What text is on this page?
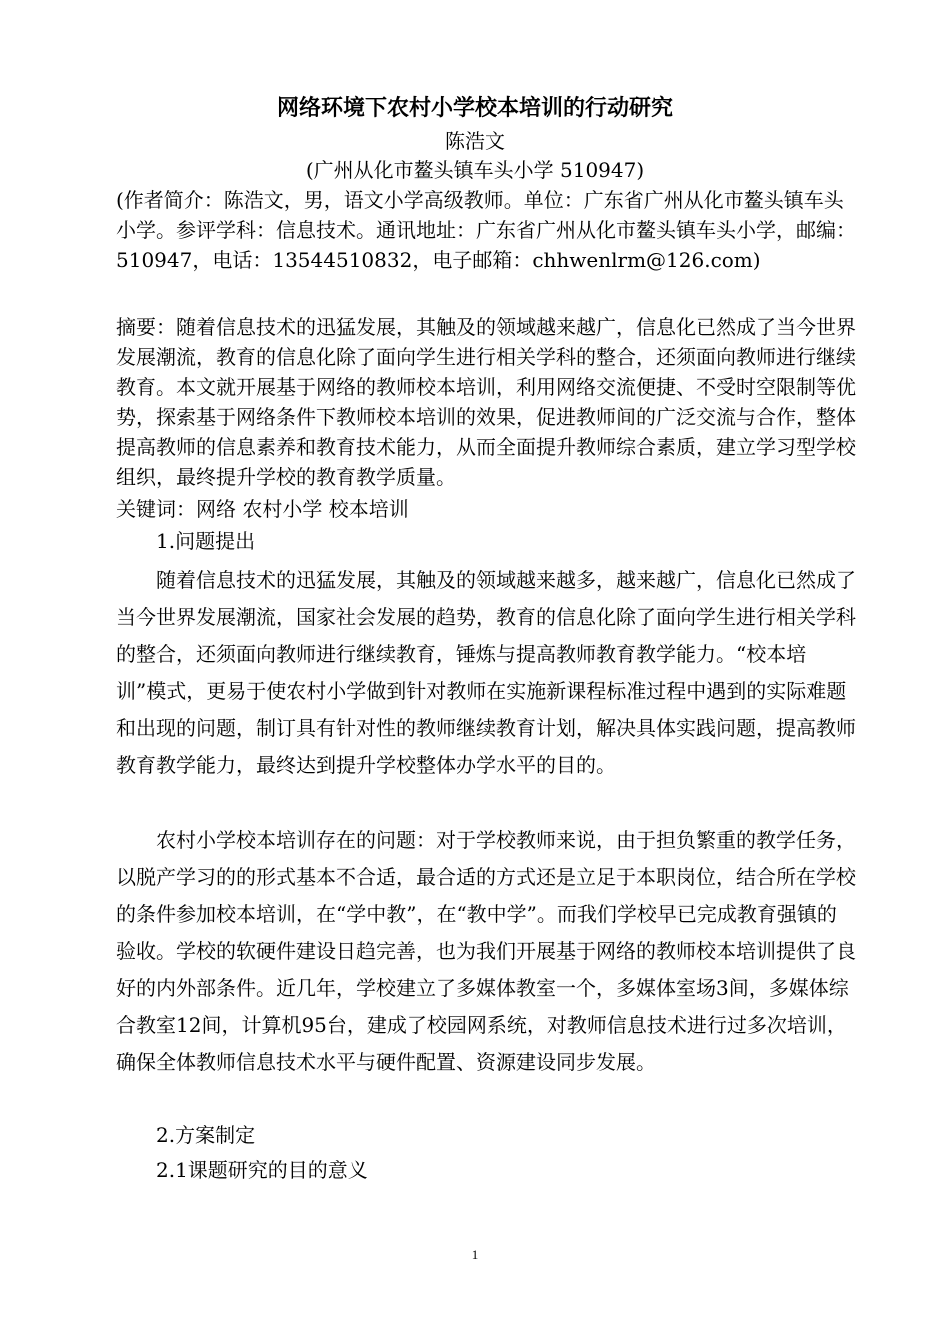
网络环境下农村小学校本培训的行动研究
陈浩文
(广州从化市鳌头镇车头小学 510947)

(作者简介：陈浩文，男，语文小学高级教师。单位：广东省广州从化市鳌头镇车头小学。参评学科：信息技术。通讯地址：广东省广州从化市鳌头镇车头小学，邮编：510947，电话：13544510832，电子邮箱：chhwenlrm@126.com)

摘要：随着信息技术的迅猛发展，其触及的领域越来越广，信息化已然成了当今世界发展潮流，教育的信息化除了面向学生进行相关学科的整合，还须面向教师进行继续教育。本文就开展基于网络的教师校本培训，利用网络交流便捷、不受时空限制等优势，探索基于网络条件下教师校本培训的效果，促进教师间的广泛交流与合作，整体提高教师的信息素养和教育技术能力，从而全面提升教师综合素质，建立学习型学校组织，最终提升学校的教育教学质量。

关键词：网络 农村小学 校本培训

1.问题提出

随着信息技术的迅猛发展，其触及的领域越来越多，越来越广，信息化已然成了当今世界发展潮流，国家社会发展的趋势，教育的信息化除了面向学生进行相关学科的整合，还须面向教师进行继续教育，锤炼与提高教师教育教学能力。“校本培训”模式，更易于使农村小学做到针对教师在实施新课程标准过程中遇到的实际难题和出现的问题，制订具有针对性的教师继续教育计划，解决具体实践问题，提高教师教育教学能力，最终达到提升学校整体办学水平的目的。

农村小学校本培训存在的问题：对于学校教师来说，由于担负繁重的教学任务，以脱产学习的的形式基本不合适，最合适的方式还是立足于本职岗位，结合所在学校的条件参加校本培训，在“学中教”，在“教中学”。而我们学校早已完成教育强镇的验收。学校的软硬件建设日趋完善，也为我们开展基于网络的教师校本培训提供了良好的内外部条件。近几年，学校建立了多媒体教室一个，多媒体室场3间，多媒体综合教室12间，计算机95台，建成了校园网系统，对教师信息技术进行过多次培训，确保全体教师信息技术水平与硬件配置、资源建设同步发展。

2.方案制定

2.1课题研究的目的意义

1
